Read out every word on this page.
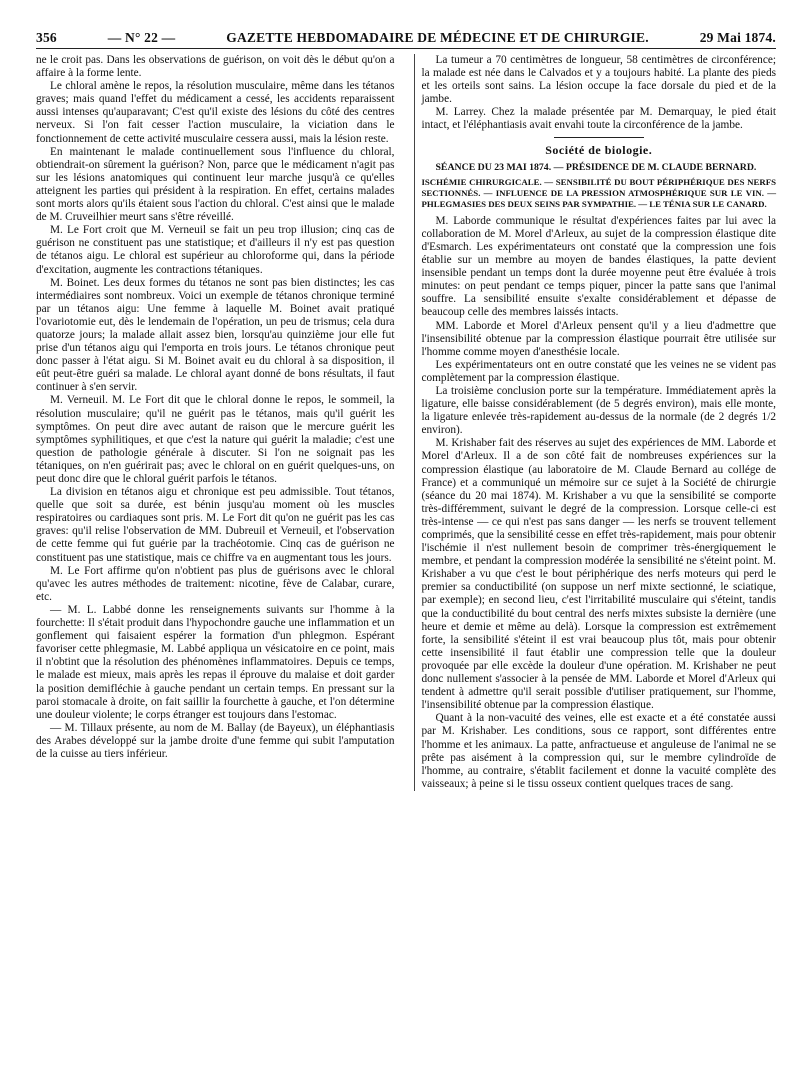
356	— N° 22 —	GAZETTE HEBDOMADAIRE DE MÉDECINE ET DE CHIRURGIE.	29 Mai 1874.

ne le croit pas. Dans les observations de guérison, on voit dès le début qu'on a affaire à la forme lente.

Le chloral amène le repos, la résolution musculaire, même dans les tétanos graves; mais quand l'effet du médicament a cessé, les accidents reparaissent aussi intenses qu'auparavant; C'est qu'il existe des lésions du côté des centres nerveux. Si l'on fait cesser l'action musculaire, la viciation dans le fonctionnement de cette activité musculaire cessera aussi, mais la lésion reste.

En maintenant le malade continuellement sous l'influence du chloral, obtiendrait-on sûrement la guérison? Non, parce que le médicament n'agit pas sur les lésions anatomiques qui continuent leur marche jusqu'à ce qu'elles atteignent les parties qui président à la respiration. En effet, certains malades sont morts alors qu'ils étaient sous l'action du chloral. C'est ainsi que le malade de M. Cruveilhier meurt sans s'être réveillé.

M. Le Fort croit que M. Verneuil se fait un peu trop illusion; cinq cas de guérison ne constituent pas une statistique; et d'ailleurs il n'y est pas question de tétanos aigu. Le chloral est supérieur au chloroforme qui, dans la période d'excitation, augmente les contractions tétaniques.

M. Boinet. Les deux formes du tétanos ne sont pas bien distinctes; les cas intermédiaires sont nombreux. Voici un exemple de tétanos chronique terminé par un tétanos aigu: Une femme à laquelle M. Boinet avait pratiqué l'ovariotomie eut, dès le lendemain de l'opération, un peu de trismus; cela dura quatorze jours; la malade allait assez bien, lorsqu'au quinzième jour elle fut prise d'un tétanos aigu qui l'emporta en trois jours. Le tétanos chronique peut donc passer à l'état aigu. Si M. Boinet avait eu du chloral à sa disposition, il eût peut-être guéri sa malade. Le chloral ayant donné de bons résultats, il faut continuer à s'en servir.

M. Verneuil. M. Le Fort dit que le chloral donne le repos, le sommeil, la résolution musculaire; qu'il ne guérit pas le tétanos, mais qu'il guérit les symptômes. On peut dire avec autant de raison que le mercure guérit les symptômes syphilitiques, et que c'est la nature qui guérit la maladie; c'est une question de pathologie générale à discuter. Si l'on ne soignait pas les tétaniques, on n'en guérirait pas; avec le chloral on en guérit quelques-uns, on peut donc dire que le chloral guérit parfois le tétanos.

La division en tétanos aigu et chronique est peu admissible. Tout tétanos, quelle que soit sa durée, est bénin jusqu'au moment où les muscles respiratoires ou cardiaques sont pris. M. Le Fort dit qu'on ne guérit pas les cas graves: qu'il relise l'observation de MM. Dubreuil et Verneuil, et l'observation de cette femme qui fut guérie par la trachéotomie. Cinq cas de guérison ne constituent pas une statistique, mais ce chiffre va en augmentant tous les jours.

M. Le Fort affirme qu'on n'obtient pas plus de guérisons avec le chloral qu'avec les autres méthodes de traitement: nicotine, fève de Calabar, curare, etc.

— M. L. Labbé donne les renseignements suivants sur l'homme à la fourchette: Il s'était produit dans l'hypochondre gauche une inflammation et un gonflement qui faisaient espérer la formation d'un phlegmon. Espérant favoriser cette phlegmasie, M. Labbé appliqua un vésicatoire en ce point, mais il n'obtint que la résolution des phénomènes inflammatoires. Depuis ce temps, le malade est mieux, mais après les repas il éprouve du malaise et doit garder la position demifléchie à gauche pendant un certain temps. En pressant sur la paroi stomacale à droite, on fait saillir la fourchette à gauche, et l'on détermine une douleur violente; le corps étranger est toujours dans l'estomac.

— M. Tillaux présente, au nom de M. Ballay (de Bayeux), un éléphantiasis des Arabes développé sur la jambe droite d'une femme qui subit l'amputation de la cuisse au tiers inférieur.

La tumeur a 70 centimètres de longueur, 58 centimètres de circonférence; la malade est née dans le Calvados et y a toujours habité. La plante des pieds et les orteils sont sains. La lésion occupe la face dorsale du pied et de la jambe.

M. Larrey. Chez la malade présentée par M. Demarquay, le pied était intact, et l'éléphantiasis avait envahi toute la circonférence de la jambe.

Société de biologie.
SÉANCE DU 23 MAI 1874. — PRÉSIDENCE DE M. CLAUDE BERNARD.
ISCHÉMIE CHIRURGICALE. — SENSIBILITÉ DU BOUT PÉRIPHÉRIQUE DES NERFS SECTIONNÉS. — INFLUENCE DE LA PRESSION ATMOSPHÉRIQUE SUR LE VIN. — PHLEGMASIES DES DEUX SEINS PAR SYMPATHIE. — LE TÉNIA SUR LE CANARD.

M. Laborde communique le résultat d'expériences faites par lui avec la collaboration de M. Morel d'Arleux, au sujet de la compression élastique dite d'Esmarch. Les expérimentateurs ont constaté que la compression une fois établie sur un membre au moyen de bandes élastiques, la patte devient insensible pendant un temps dont la durée moyenne peut être évaluée à trois minutes: on peut pendant ce temps piquer, pincer la patte sans que l'animal souffre. La sensibilité ensuite s'exalte considérablement et dépasse de beaucoup celle des membres laissés intacts.

MM. Laborde et Morel d'Arleux pensent qu'il y a lieu d'admettre que l'insensibilité obtenue par la compression élastique pourrait être utilisée sur l'homme comme moyen d'anesthésie locale.

Les expérimentateurs ont en outre constaté que les veines ne se vident pas complètement par la compression élastique.

La troisième conclusion porte sur la température. Immédiatement après la ligature, elle baisse considérablement (de 5 degrés environ), mais elle monte, la ligature enlevée très-rapidement au-dessus de la normale (de 2 degrés 1/2 environ).

M. Krishaber fait des réserves au sujet des expériences de MM. Laborde et Morel d'Arleux. Il a de son côté fait de nombreuses expériences sur la compression élastique (au laboratoire de M. Claude Bernard au collége de France) et a communiqué un mémoire sur ce sujet à la Société de chirurgie (séance du 20 mai 1874). M. Krishaber a vu que la sensibilité se comporte très-différemment, suivant le degré de la compression. Lorsque celle-ci est très-intense — ce qui n'est pas sans danger — les nerfs se trouvent tellement comprimés, que la sensibilité cesse en effet très-rapidement, mais pour obtenir l'ischémie il n'est nullement besoin de comprimer très-énergiquement le membre, et pendant la compression modérée la sensibilité ne s'éteint point. M. Krishaber a vu que c'est le bout périphérique des nerfs moteurs qui perd le premier sa conductibilité (on suppose un nerf mixte sectionné, le sciatique, par exemple); en second lieu, c'est l'irritabilité musculaire qui s'éteint, tandis que la conductibilité du bout central des nerfs mixtes subsiste la dernière (une heure et demie et même au delà). Lorsque la compression est extrêmement forte, la sensibilité s'éteint il est vrai beaucoup plus tôt, mais pour obtenir cette insensibilité il faut établir une compression telle que la douleur provoquée par elle excède la douleur d'une opération. M. Krishaber ne peut donc nullement s'associer à la pensée de MM. Laborde et Morel d'Arleux qui tendent à admettre qu'il serait possible d'utiliser pratiquement, sur l'homme, l'insensibilité obtenue par la compression élastique.

Quant à la non-vacuité des veines, elle est exacte et a été constatée aussi par M. Krishaber. Les conditions, sous ce rapport, sont différentes entre l'homme et les animaux. La patte, anfractueuse et anguleuse de l'animal ne se prête pas aisément à la compression qui, sur le membre cylindroïde de l'homme, au contraire, s'établit facilement et donne la vacuité complète des vaisseaux; à peine si le tissu osseux contient quelques traces de sang.
